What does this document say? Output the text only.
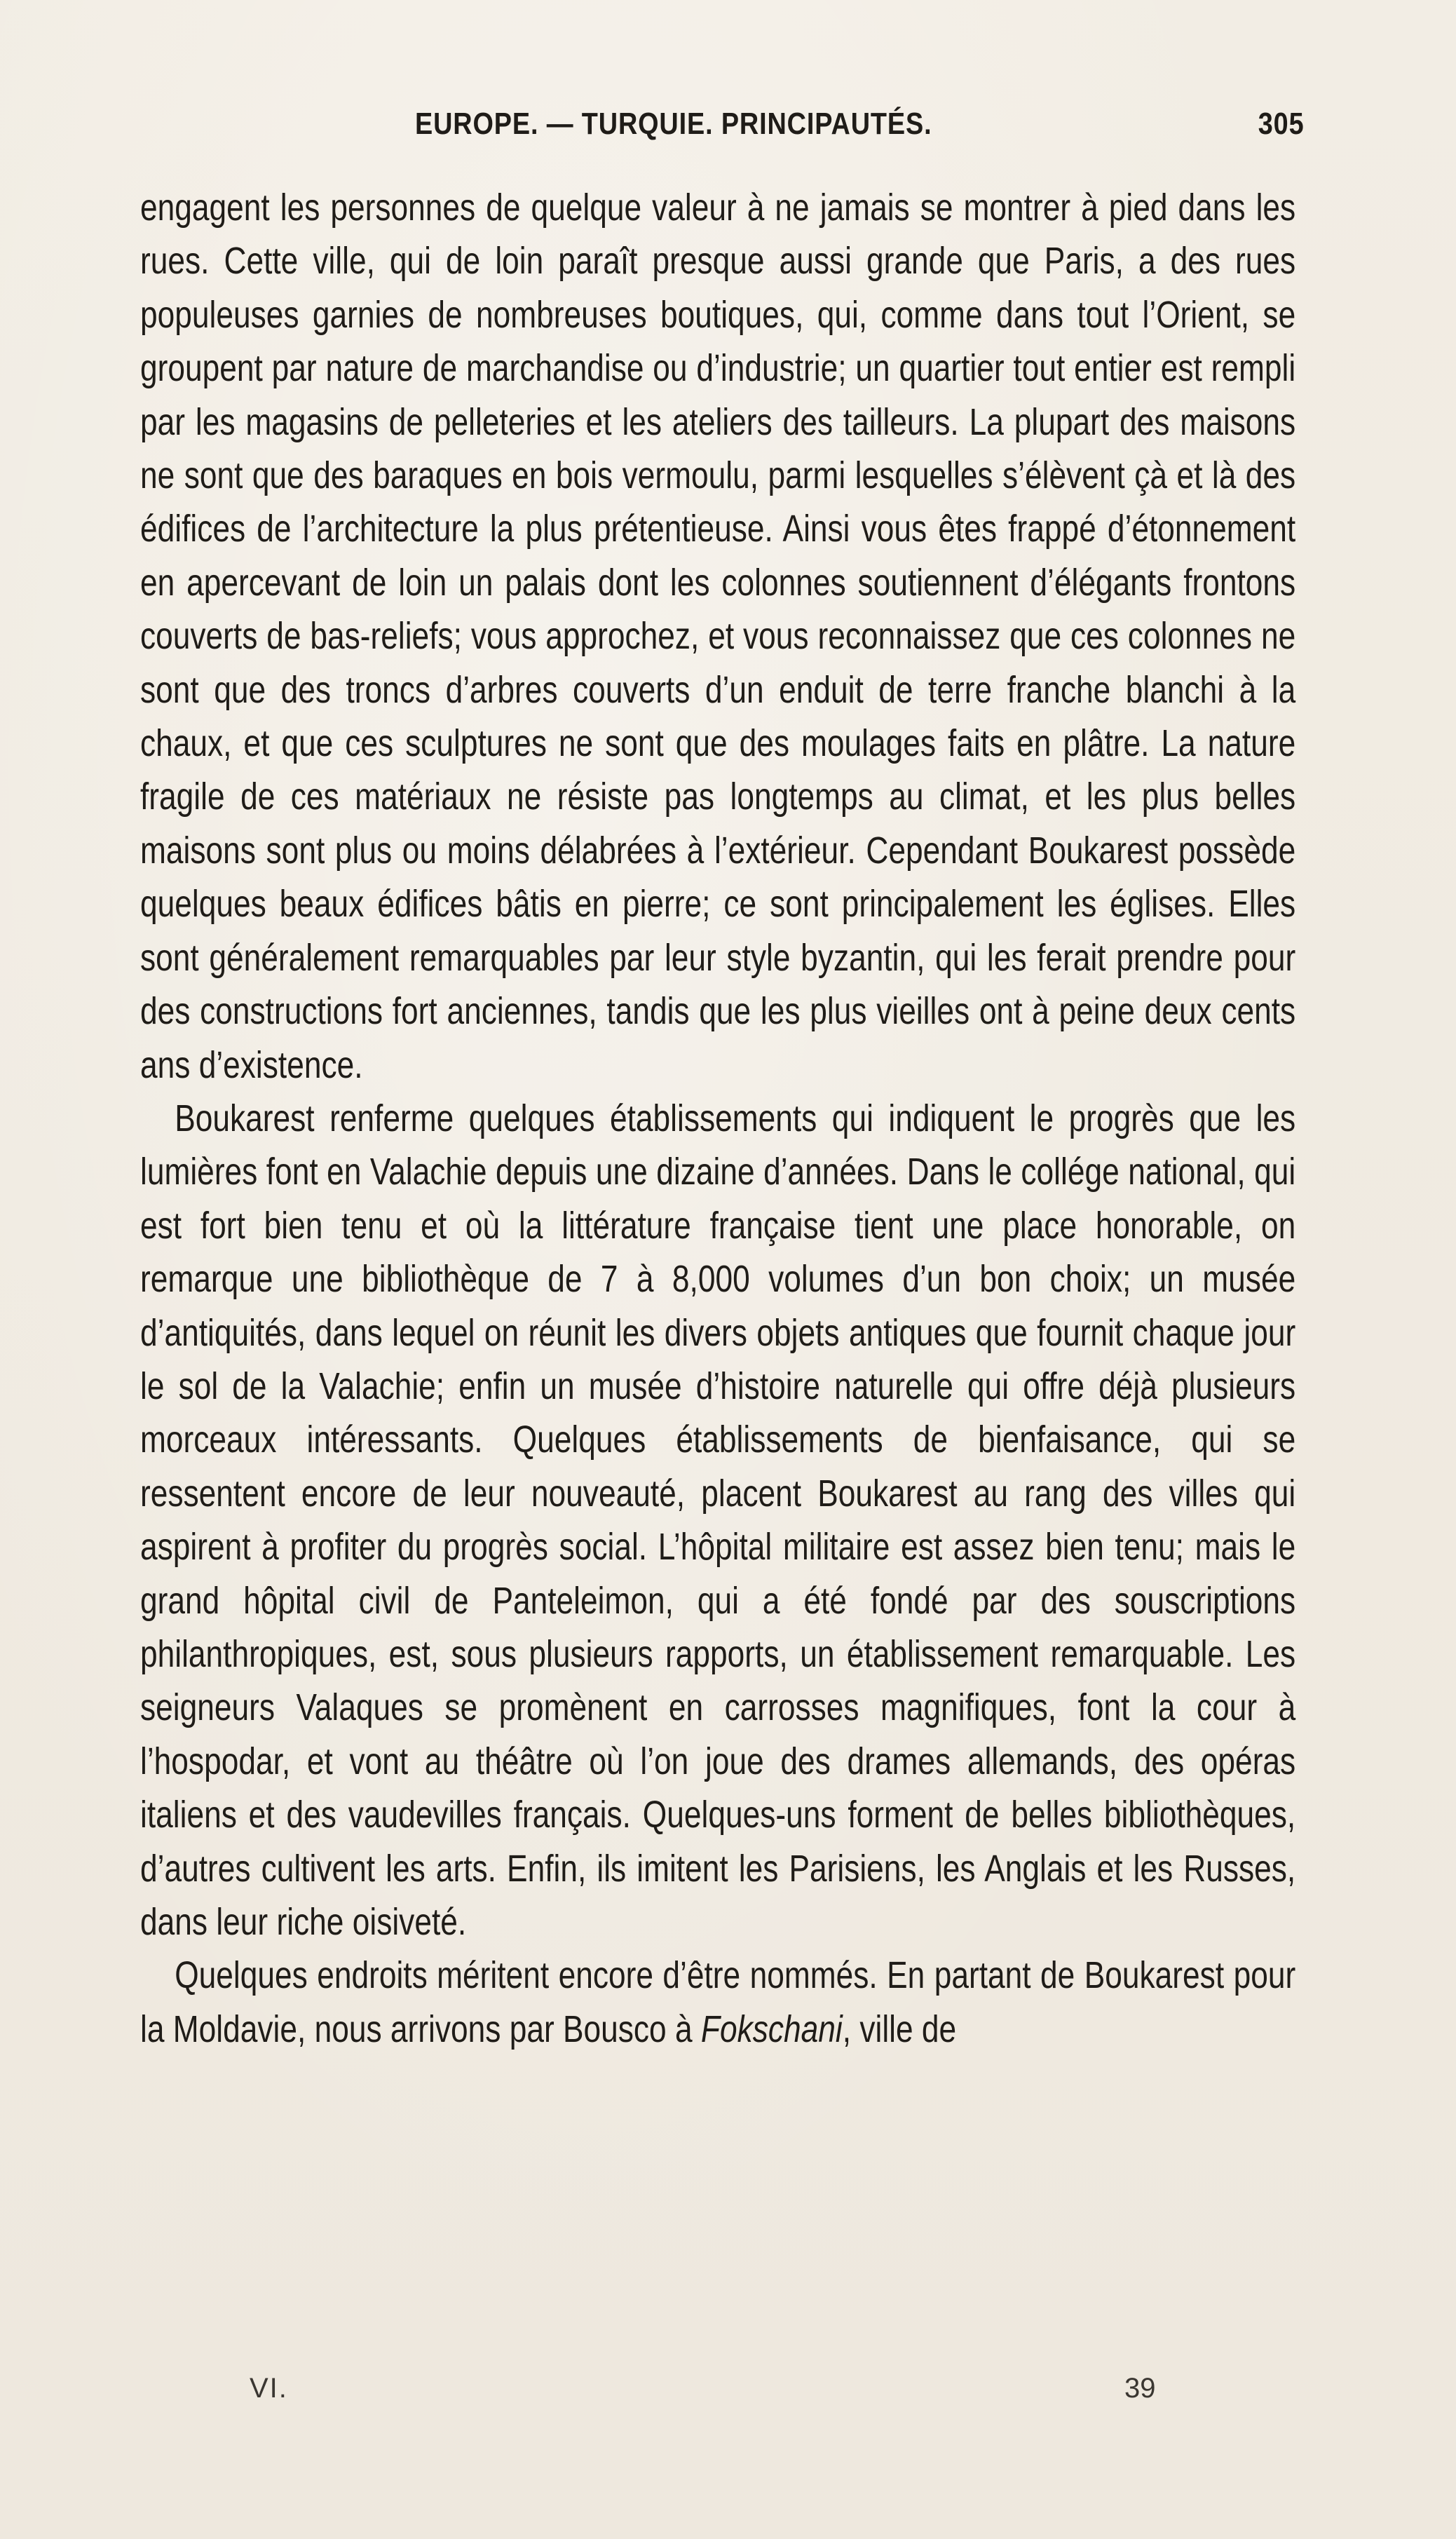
EUROPE. — TURQUIE. PRINCIPAUTÉS.	305

engagent les personnes de quelque valeur à ne jamais se montrer à pied dans les rues. Cette ville, qui de loin paraît presque aussi grande que Paris, a des rues populeuses garnies de nombreuses boutiques, qui, comme dans tout l’Orient, se groupent par nature de marchandise ou d’industrie; un quartier tout entier est rempli par les magasins de pelleteries et les ateliers des tailleurs. La plupart des maisons ne sont que des baraques en bois vermoulu, parmi lesquelles s’élèvent çà et là des édifices de l’architecture la plus prétentieuse. Ainsi vous êtes frappé d’étonnement en apercevant de loin un palais dont les colonnes soutiennent d’élégants frontons couverts de bas-reliefs; vous approchez, et vous reconnaissez que ces colonnes ne sont que des troncs d’arbres couverts d’un enduit de terre franche blanchi à la chaux, et que ces sculptures ne sont que des moulages faits en plâtre. La nature fragile de ces matériaux ne résiste pas longtemps au climat, et les plus belles maisons sont plus ou moins délabrées à l’extérieur. Cependant Boukarest possède quelques beaux édifices bâtis en pierre; ce sont principalement les églises. Elles sont généralement remarquables par leur style byzantin, qui les ferait prendre pour des constructions fort anciennes, tandis que les plus vieilles ont à peine deux cents ans d’existence.

Boukarest renferme quelques établissements qui indiquent le progrès que les lumières font en Valachie depuis une dizaine d’années. Dans le collége national, qui est fort bien tenu et où la littérature française tient une place honorable, on remarque une bibliothèque de 7 à 8,000 volumes d’un bon choix; un musée d’antiquités, dans lequel on réunit les divers objets antiques que fournit chaque jour le sol de la Valachie; enfin un musée d’histoire naturelle qui offre déjà plusieurs morceaux intéressants. Quelques établissements de bienfaisance, qui se ressentent encore de leur nouveauté, placent Boukarest au rang des villes qui aspirent à profiter du progrès social. L’hôpital militaire est assez bien tenu; mais le grand hôpital civil de Panteleimon, qui a été fondé par des souscriptions philanthropiques, est, sous plusieurs rapports, un établissement remarquable. Les seigneurs Valaques se promènent en carrosses magnifiques, font la cour à l’hospodar, et vont au théâtre où l’on joue des drames allemands, des opéras italiens et des vaudevilles français. Quelques-uns forment de belles bibliothèques, d’autres cultivent les arts. Enfin, ils imitent les Parisiens, les Anglais et les Russes, dans leur riche oisiveté.

Quelques endroits méritent encore d’être nommés. En partant de Boukarest pour la Moldavie, nous arrivons par Bousco à Fokschani, ville de

VI.	39
